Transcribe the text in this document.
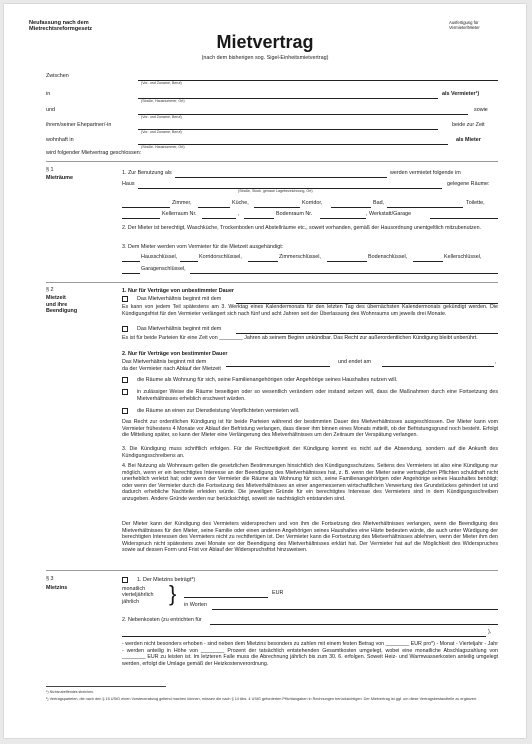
Neufassung nach dem
Mietrechtsreformgesetz
Ausfertigung für
Vermieter/Mieter
Mietvertrag
(nach dem bisherigen sog. Sigel-Einheitsmietvertrag)
Zwischen
(Vor- und Zuname, Beruf)
in
(Straße, Hausnummer, Ort)
als Vermieter¹)
und
(Vor- und Zuname, Beruf)
sowie
ihrem/seiner Ehepartner/-in
(Vor- und Zuname, Beruf)
beide zur Zeit
wohnhaft in
(Straße, Hausnummer, Ort)
als Mieter
wird folgender Mietvertrag geschlossen:
§ 1
Mieträume
1. Zur Benutzung als	werden vermietet folgende im
Haus
(Straße, Stock, genaue Lagebezeichnung, Ort)
gelegene Räume:
Zimmer,	Küche,	Korridor,	Bad,	Toilette,
Kellerraum Nr.	,	Bodenraum Nr.	, Werkstatt/Garage
2. Der Mieter ist berechtigt, Waschküche, Trockenboden und Abstellräume etc., soweit vorhanden, gemäß der Hausordnung unentgeltlich mitzubenutzen.
3. Dem Mieter werden vom Vermieter für die Mietzeit ausgehändigt:
Hausschlüssel,	Korridorschlüssel,	Zimmerschlüssel,	Bodenschlüssel,	Kellerschlüssel,
Garagenschlüssel,
§ 2
Mietzeit
und ihre
Beendigung
1. Nur für Verträge von unbestimmter Dauer
Das Mietverhältnis beginnt mit dem
Es kann von jedem Teil spätestens am 3. Werktag eines Kalendermonats für den letzten Tag des übernächsten Kalendermonats gekündigt werden. Die Kündigungsfrist für den Vermieter verlängert sich nach fünf und acht Jahren seit der Überlassung des Wohnraums um jeweils drei Monate.
Das Mietverhältnis beginnt mit dem
Es ist für beide Parteien für eine Zeit von ________ Jahren ab seinem Beginn unkündbar. Das Recht zur außerordentlichen Kündigung bleibt unberührt.
2. Nur für Verträge von bestimmter Dauer
Das Mietverhältnis beginnt mit dem	und endet am	,
da der Vermieter nach Ablauf der Mietzeit
die Räume als Wohnung für sich, seine Familienangehörigen oder Angehörige seines Haushaltes nutzen will.
in zulässiger Weise die Räume beseitigen oder so wesentlich verändern oder instand setzen will, dass die Maßnahmen durch eine Fortsetzung des Mietverhältnisses erheblich erschwert würden.
die Räume an einen zur Dienstleistung Verpflichteten vermieten will.
Das Recht zur ordentlichen Kündigung ist für beide Parteien während der bestimmten Dauer des Mietverhältnisses ausgeschlossen. Der Mieter kann vom Vermieter frühestens 4 Monate vor Ablauf der Befristung verlangen, dass dieser ihm binnen eines Monats mitteilt, ob der Befristungsgrund noch besteht. Erfolgt die Mitteilung später, so kann der Mieter eine Verlängerung des Mietverhältnisses um den Zeitraum der Verspätung verlangen.
3. Die Kündigung muss schriftlich erfolgen. Für die Rechtzeitigkeit der Kündigung kommt es nicht auf die Absendung, sondern auf die Ankunft des Kündigungsschreibens an.
4. Bei Nutzung als Wohnraum gelten die gesetzlichen Bestimmungen hinsichtlich des Kündigungsschutzes. Seitens des Vermieters ist also eine Kündigung nur möglich, wenn er ein berechtigtes Interesse an der Beendigung des Mietverhältnisses hat, z. B. wenn der Mieter seine vertraglichen Pflichten schuldhaft nicht unerheblich verletzt hat; oder wenn der Vermieter die Räume als Wohnung für sich, seine Familienangehörigen oder Angehörige seines Haushaltes benötigt; oder wenn der Vermieter durch die Fortsetzung des Mietverhältnisses an einer angemessenen wirtschaftlichen Verwertung des Grundstückes gehindert ist und dadurch erhebliche Nachteile erleiden würde. Die jeweiligen Gründe für ein berechtigtes Interesse des Vermieters sind in dem Kündigungsschreiben anzugeben. Andere Gründe werden nur berücksichtigt, soweit sie nachträglich entstanden sind.
Der Mieter kann der Kündigung des Vermieters widersprechen und von ihm die Fortsetzung des Mietverhältnisses verlangen, wenn die Beendigung des Mietverhältnisses für den Mieter, seine Familie oder einen anderen Angehörigen seines Haushaltes eine Härte bedeuten würde, die auch unter Würdigung der berechtigten Interessen des Vermieters nicht zu rechtfertigen ist. Der Vermieter kann die Fortsetzung des Mietverhältnisses ablehnen, wenn der Mieter ihm den Widerspruch nicht spätestens zwei Monate vor der Beendigung des Mietverhältnisses erklärt hat. Der Vermieter hat auf die Möglichkeit des Widerspruches sowie auf dessen Form und Frist vor Ablauf der Widerspruchsfrist hinzuweisen.
§ 3
Mietzins
1. Der Mietzins beträgt*)
monatlich
vierteljährlich
jährlich	}	EUR
in Worten
2. Nebenkosten (zu entrichten für
),
- werden nicht besonders erhoben - sind neben dem Mietzins besonders zu zahlen mit einem festen Betrag von ________ EUR pro*) - Monat - Vierteljahr - Jahr - werden anteilig in Höhe von ________ Prozent der tatsächlich entstehenden Gesamtkosten umgelegt, wobei eine monatliche Abschlagszahlung von ________ EUR zu leisten ist. Im letzteren Falle muss die Abrechnung jährlich bis zum 30. 6. erfolgen. Soweit Heiz- und Warmwasserkosten anteilig umgelegt werden, erfolgt die Umlage gemäß der Heizkostenverordnung.
*) Nichtzutreffendes streichen.
¹) Vertragsparteien, die nach den § 15 UStG einen Vorsteuerabzug geltend machen können, müssen die nach § 14 Abs. 4 UStG geforderten Pflichtangaben in Rechnungen berücksichtigen. Der Mietvertrag ist ggf. um diese Vertragsbestandteile zu ergänzen.
